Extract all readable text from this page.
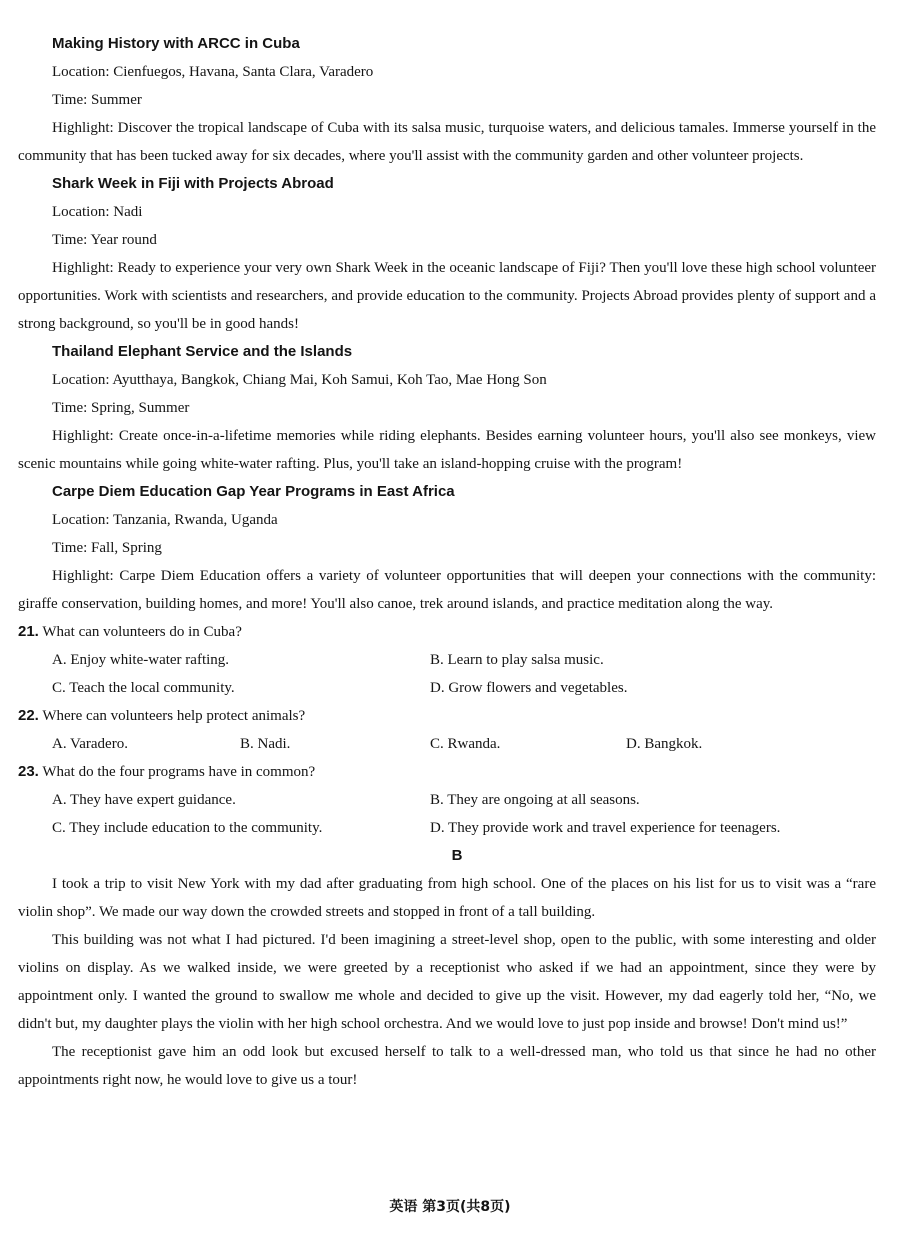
Making History with ARCC in Cuba
Location: Cienfuegos, Havana, Santa Clara, Varadero
Time: Summer

Highlight: Discover the tropical landscape of Cuba with its salsa music, turquoise waters, and delicious tamales. Immerse yourself in the community that has been tucked away for six decades, where you'll assist with the community garden and other volunteer projects.

Shark Week in Fiji with Projects Abroad
Location: Nadi
Time: Year round

Highlight: Ready to experience your very own Shark Week in the oceanic landscape of Fiji? Then you'll love these high school volunteer opportunities. Work with scientists and researchers, and provide education to the community. Projects Abroad provides plenty of support and a strong background, so you'll be in good hands!

Thailand Elephant Service and the Islands
Location: Ayutthaya, Bangkok, Chiang Mai, Koh Samui, Koh Tao, Mae Hong Son
Time: Spring, Summer

Highlight: Create once-in-a-lifetime memories while riding elephants. Besides earning volunteer hours, you'll also see monkeys, view scenic mountains while going white-water rafting. Plus, you'll take an island-hopping cruise with the program!

Carpe Diem Education Gap Year Programs in East Africa
Location: Tanzania, Rwanda, Uganda
Time: Fall, Spring

Highlight: Carpe Diem Education offers a variety of volunteer opportunities that will deepen your connections with the community: giraffe conservation, building homes, and more! You'll also canoe, trek around islands, and practice meditation along the way.

21. What can volunteers do in Cuba?
A. Enjoy white-water rafting.	B. Learn to play salsa music.
C. Teach the local community.	D. Grow flowers and vegetables.
22. Where can volunteers help protect animals?
A. Varadero.	B. Nadi.	C. Rwanda.	D. Bangkok.
23. What do the four programs have in common?
A. They have expert guidance.	B. They are ongoing at all seasons.
C. They include education to the community.	D. They provide work and travel experience for teenagers.
B

I took a trip to visit New York with my dad after graduating from high school. One of the places on his list for us to visit was a “rare violin shop”. We made our way down the crowded streets and stopped in front of a tall building.

This building was not what I had pictured. I'd been imagining a street-level shop, open to the public, with some interesting and older violins on display. As we walked inside, we were greeted by a receptionist who asked if we had an appointment, since they were by appointment only. I wanted the ground to swallow me whole and decided to give up the visit. However, my dad eagerly told her, “No, we didn't but, my daughter plays the violin with her high school orchestra. And we would love to just pop inside and browse! Don't mind us!”

The receptionist gave him an odd look but excused herself to talk to a well-dressed man, who told us that since he had no other appointments right now, he would love to give us a tour!

英语 第3页(共8页)
